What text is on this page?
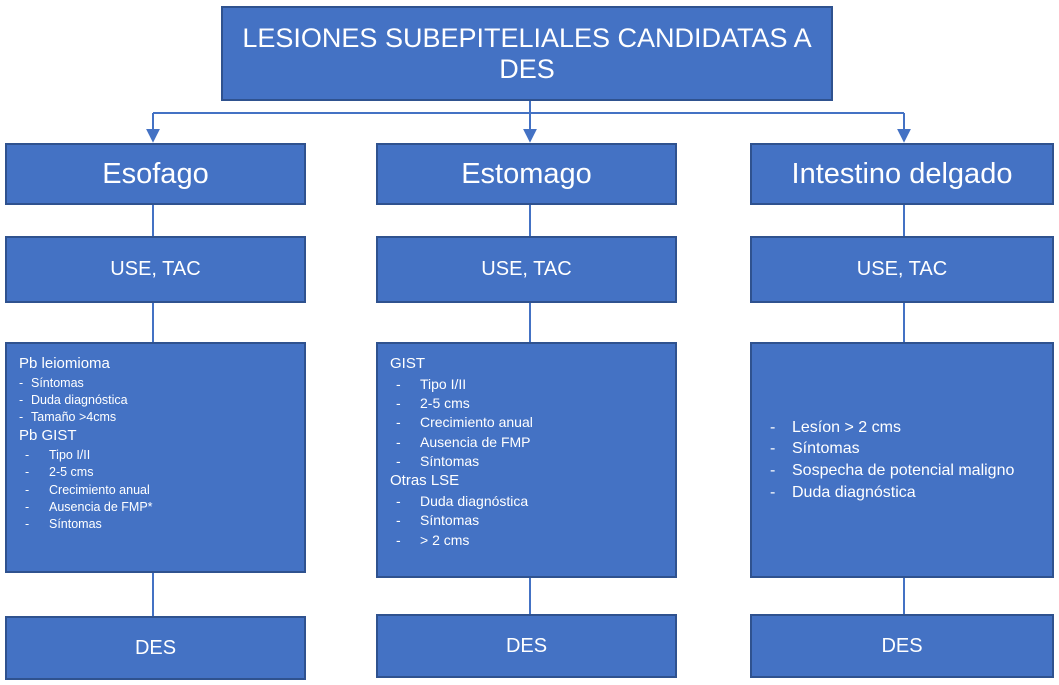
LESIONES SUBEPITELIALES CANDIDATAS A DES
Esofago
USE, TAC

Pb leiomioma

- Síntomas
- Duda diagnóstica
- Tamaño >4cms

Pb GIST

- Tipo I/II
- 2-5 cms
- Crecimiento anual
- Ausencia de FMP*
- Síntomas
DES
Estomago
USE, TAC

GIST

- Tipo I/II
- 2-5 cms
- Crecimiento anual
- Ausencia de FMP
- Síntomas

Otras LSE

- Duda diagnóstica
- Síntomas
- > 2 cms
DES
Intestino delgado
USE, TAC
- Lesíon > 2 cms
- Síntomas
- Sospecha de potencial maligno
- Duda diagnóstica
DES
